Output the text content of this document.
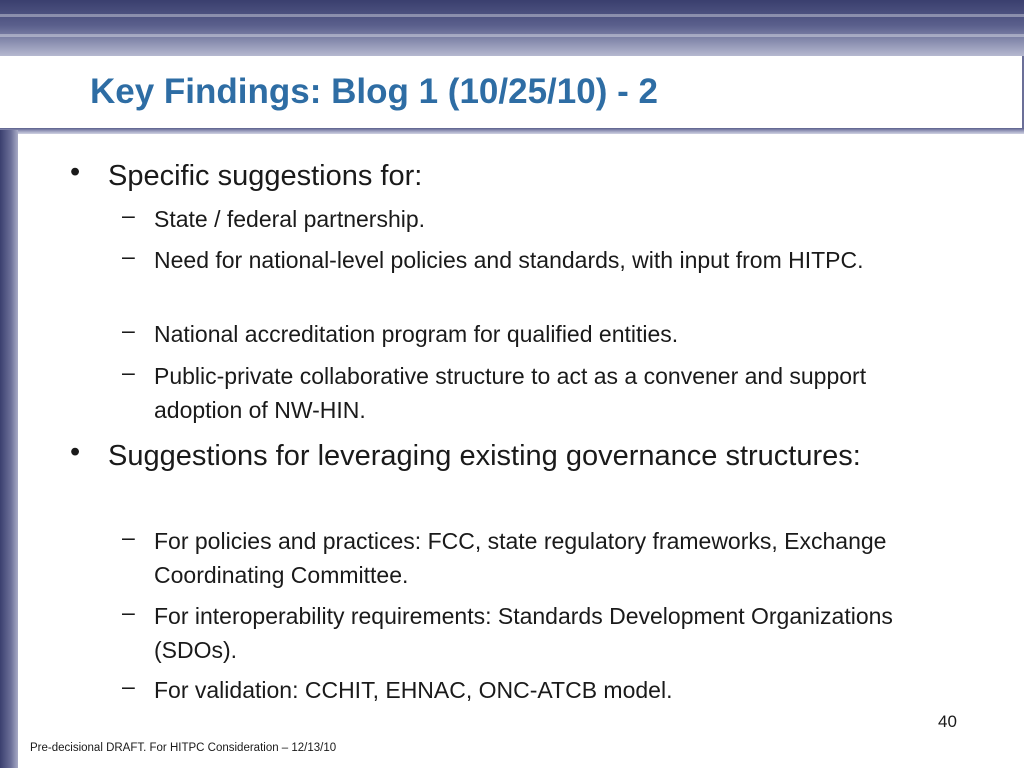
Key Findings: Blog 1 (10/25/10) - 2
• Specific suggestions for:
– State / federal partnership.
– Need for national-level policies and standards, with input from HITPC.
– National accreditation program for qualified entities.
– Public-private collaborative structure to act as a convener and support adoption of NW-HIN.
• Suggestions for leveraging existing governance structures:
– For policies and practices: FCC, state regulatory frameworks, Exchange Coordinating Committee.
– For interoperability requirements: Standards Development Organizations (SDOs).
– For validation: CCHIT, EHNAC, ONC-ATCB model.
40
Pre-decisional DRAFT. For HITPC Consideration – 12/13/10
